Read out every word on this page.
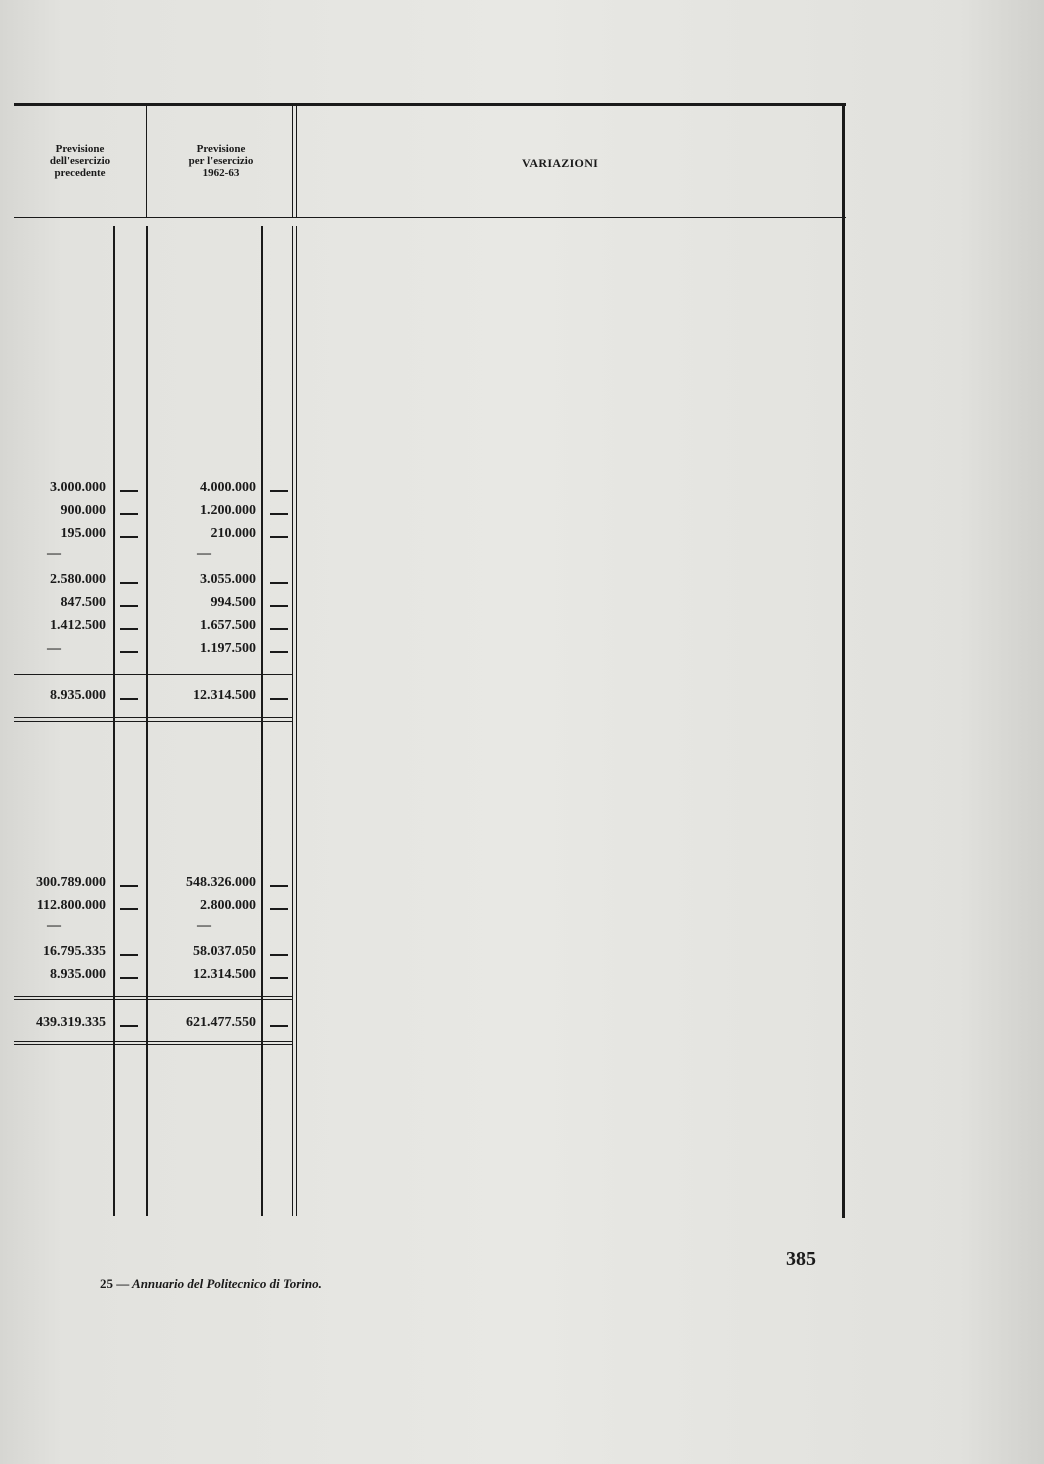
Previsione
dell'esercizio
precedente
Previsione
per l'esercizio
1962-63
VARIAZIONI

3.000.000	4.000.000
900.000	1.200.000
195.000	210.000
—	—
2.580.000	3.055.000
847.500	994.500
1.412.500	1.657.500
—	1.197.500
8.935.000	12.314.500
300.789.000	548.326.000
112.800.000	2.800.000
—	—
16.795.335	58.037.050
8.935.000	12.314.500
439.319.335	621.477.550
25 — Annuario del Politecnico di Torino.
385
